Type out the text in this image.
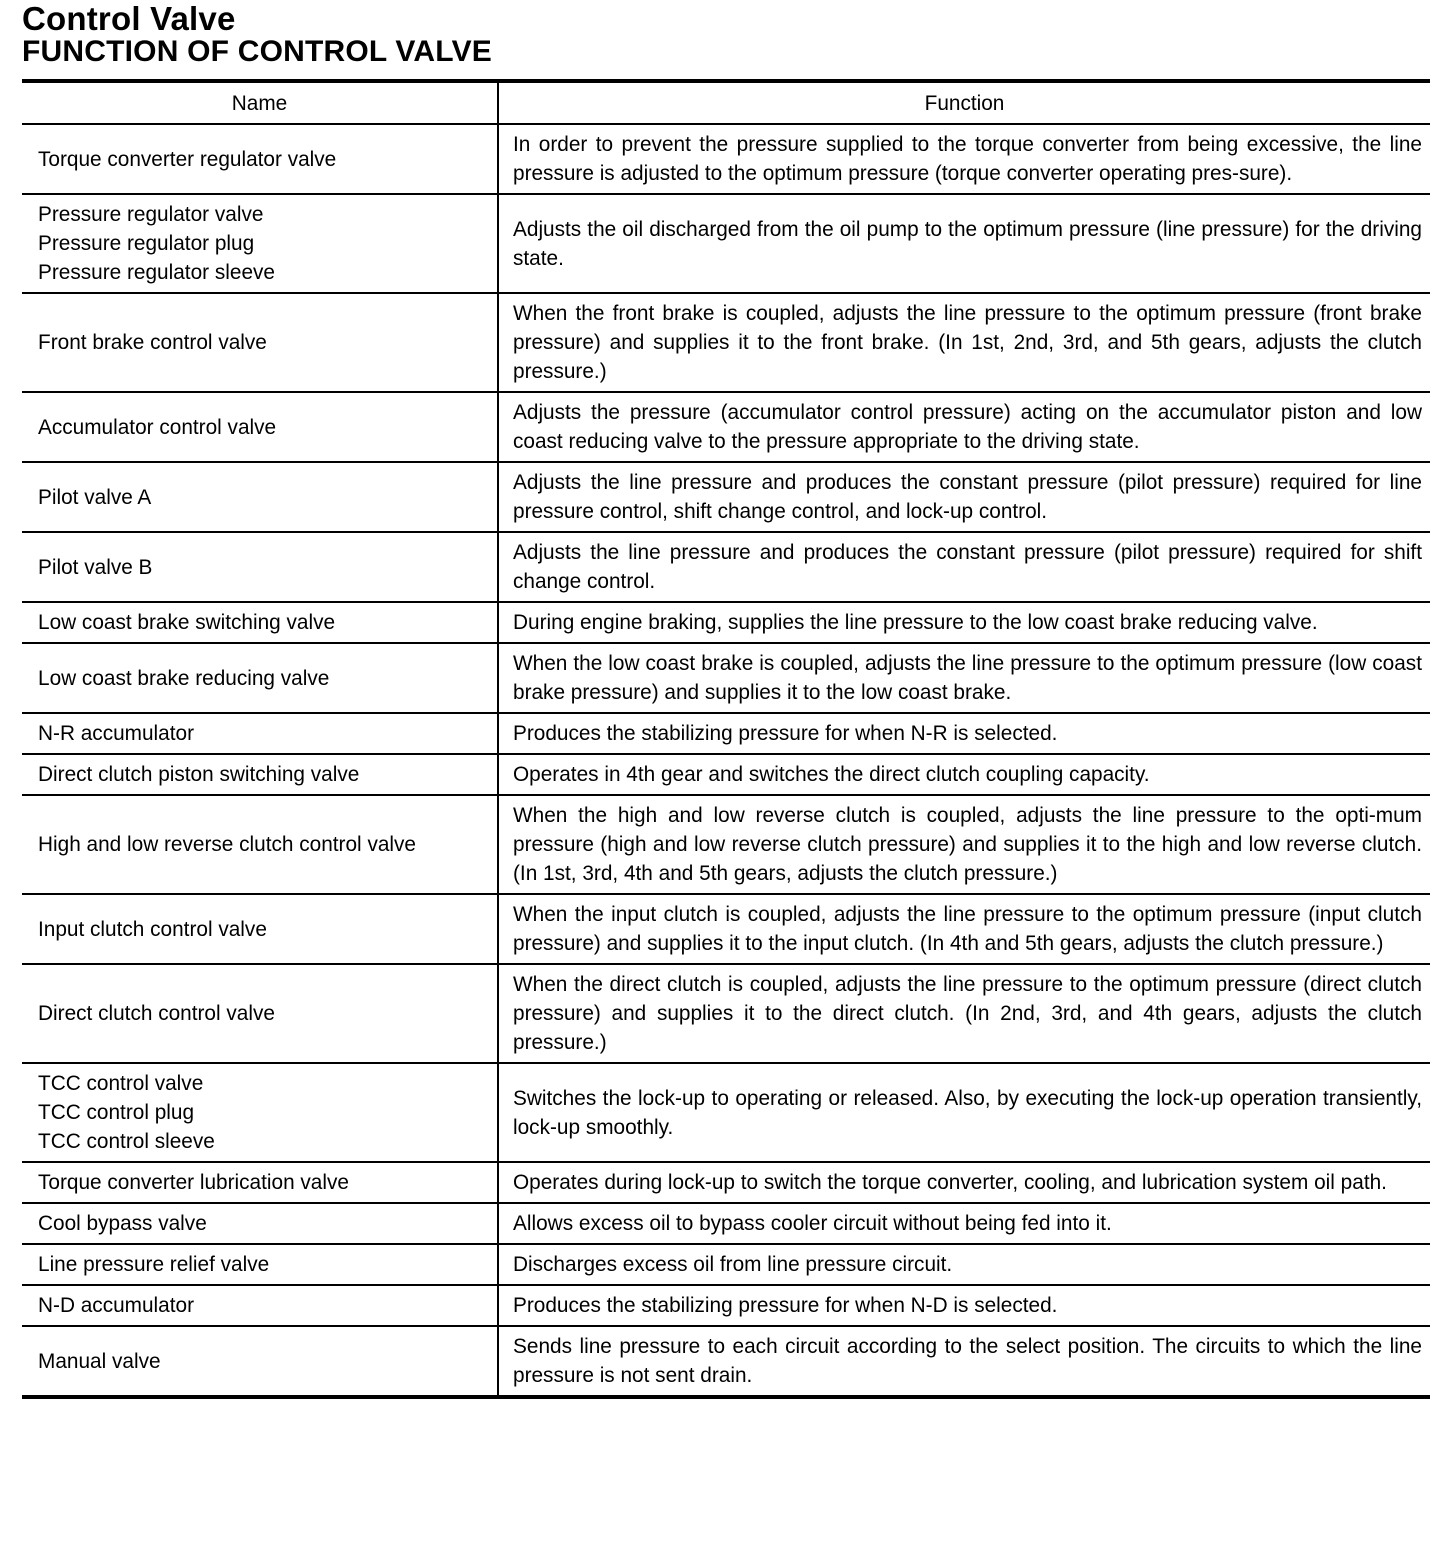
Control Valve
FUNCTION OF CONTROL VALVE
Name	Function

Torque converter regulator valve	In order to prevent the pressure supplied to the torque converter from being excessive, the line pressure is adjusted to the optimum pressure (torque converter operating pres-sure).

Pressure regulator valve
Pressure regulator plug
Pressure regulator sleeve	Adjusts the oil discharged from the oil pump to the optimum pressure (line pressure) for the driving state.

Front brake control valve	When the front brake is coupled, adjusts the line pressure to the optimum pressure (front brake pressure) and supplies it to the front brake. (In 1st, 2nd, 3rd, and 5th gears, adjusts the clutch pressure.)

Accumulator control valve	Adjusts the pressure (accumulator control pressure) acting on the accumulator piston and low coast reducing valve to the pressure appropriate to the driving state.

Pilot valve A	Adjusts the line pressure and produces the constant pressure (pilot pressure) required for line pressure control, shift change control, and lock-up control.

Pilot valve B	Adjusts the line pressure and produces the constant pressure (pilot pressure) required for shift change control.

Low coast brake switching valve	During engine braking, supplies the line pressure to the low coast brake reducing valve.

Low coast brake reducing valve	When the low coast brake is coupled, adjusts the line pressure to the optimum pressure (low coast brake pressure) and supplies it to the low coast brake.

N-R accumulator	Produces the stabilizing pressure for when N-R is selected.

Direct clutch piston switching valve	Operates in 4th gear and switches the direct clutch coupling capacity.

High and low reverse clutch control valve	When the high and low reverse clutch is coupled, adjusts the line pressure to the opti-mum pressure (high and low reverse clutch pressure) and supplies it to the high and low reverse clutch. (In 1st, 3rd, 4th and 5th gears, adjusts the clutch pressure.)

Input clutch control valve	When the input clutch is coupled, adjusts the line pressure to the optimum pressure (input clutch pressure) and supplies it to the input clutch. (In 4th and 5th gears, adjusts the clutch pressure.)

Direct clutch control valve	When the direct clutch is coupled, adjusts the line pressure to the optimum pressure (direct clutch pressure) and supplies it to the direct clutch. (In 2nd, 3rd, and 4th gears, adjusts the clutch pressure.)

TCC control valve
TCC control plug
TCC control sleeve	Switches the lock-up to operating or released. Also, by executing the lock-up operation transiently, lock-up smoothly.

Torque converter lubrication valve	Operates during lock-up to switch the torque converter, cooling, and lubrication system oil path.

Cool bypass valve	Allows excess oil to bypass cooler circuit without being fed into it.

Line pressure relief valve	Discharges excess oil from line pressure circuit.

N-D accumulator	Produces the stabilizing pressure for when N-D is selected.

Manual valve	Sends line pressure to each circuit according to the select position. The circuits to which the line pressure is not sent drain.
